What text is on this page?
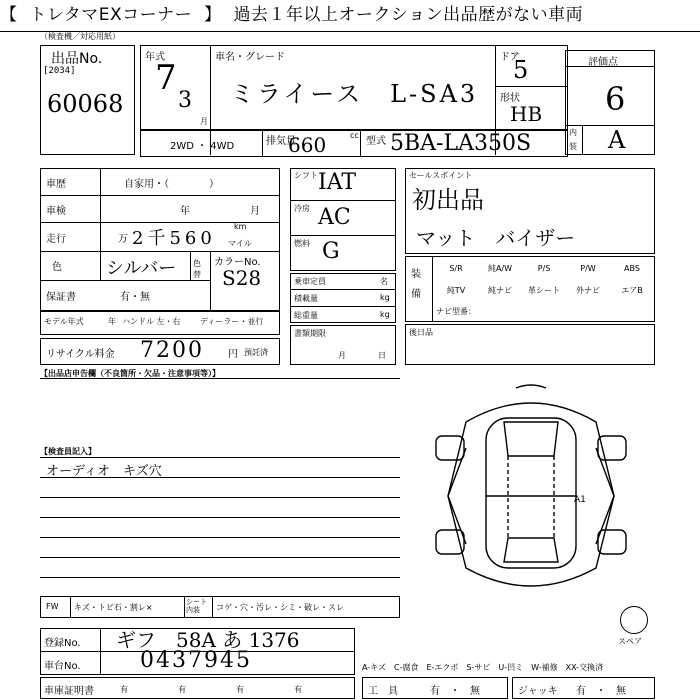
【 トレタマEXコーナー 】 過去１年以上オークション出品歴がない車両
（検査機／対応用紙）
出品No.
[2034]
60068
年式
7
3
月
車名・グレード
ミライース　L-SA3
ドア
5
形状
HB
2WD ・ 4WD	排気量
660	cc
型式 5BA-LA350S
評価点
6
内
装 A
車歴	自家用・（　　　　）
車検	年	月
走行	万 2千560
km
マイル
色 シルバー 色替
カラーNo.
S28
保証書	有・無
モデル年式	年 ハンドル 左・右 ディーラー・並行
リサイクル料金 7200 円 預託済
シフト IAT
冷房 AC
燃料 G
乗車定員	名
積載量	kg
総重量	kg
書類期限
月	日
セールスポイント
初出品
マット　バイザー
装備
S/R	純A/W	P/S	P/W	ABS
純TV	純ナビ	革シート	外ナビ	エアB
ナビ型番：
後日品
【出品店申告欄（不良箇所・欠品・注意事項等）】
【検査員記入】
オーディオ　キズ穴
A1
スペア
FW キズ・トビ石・割レ×
シート内装	コゲ・穴・汚レ・シミ・破レ・スレ
登録No. ギフ　58A あ 1376
車台No.	0437945	A-キズ　C-腐食　E-エクボ　S-サビ　U-凹ミ　W-補修　XX-交換済
車庫証明書	有	有	有	有	工　具	有　・　無	ジャッキ 有　・　無
